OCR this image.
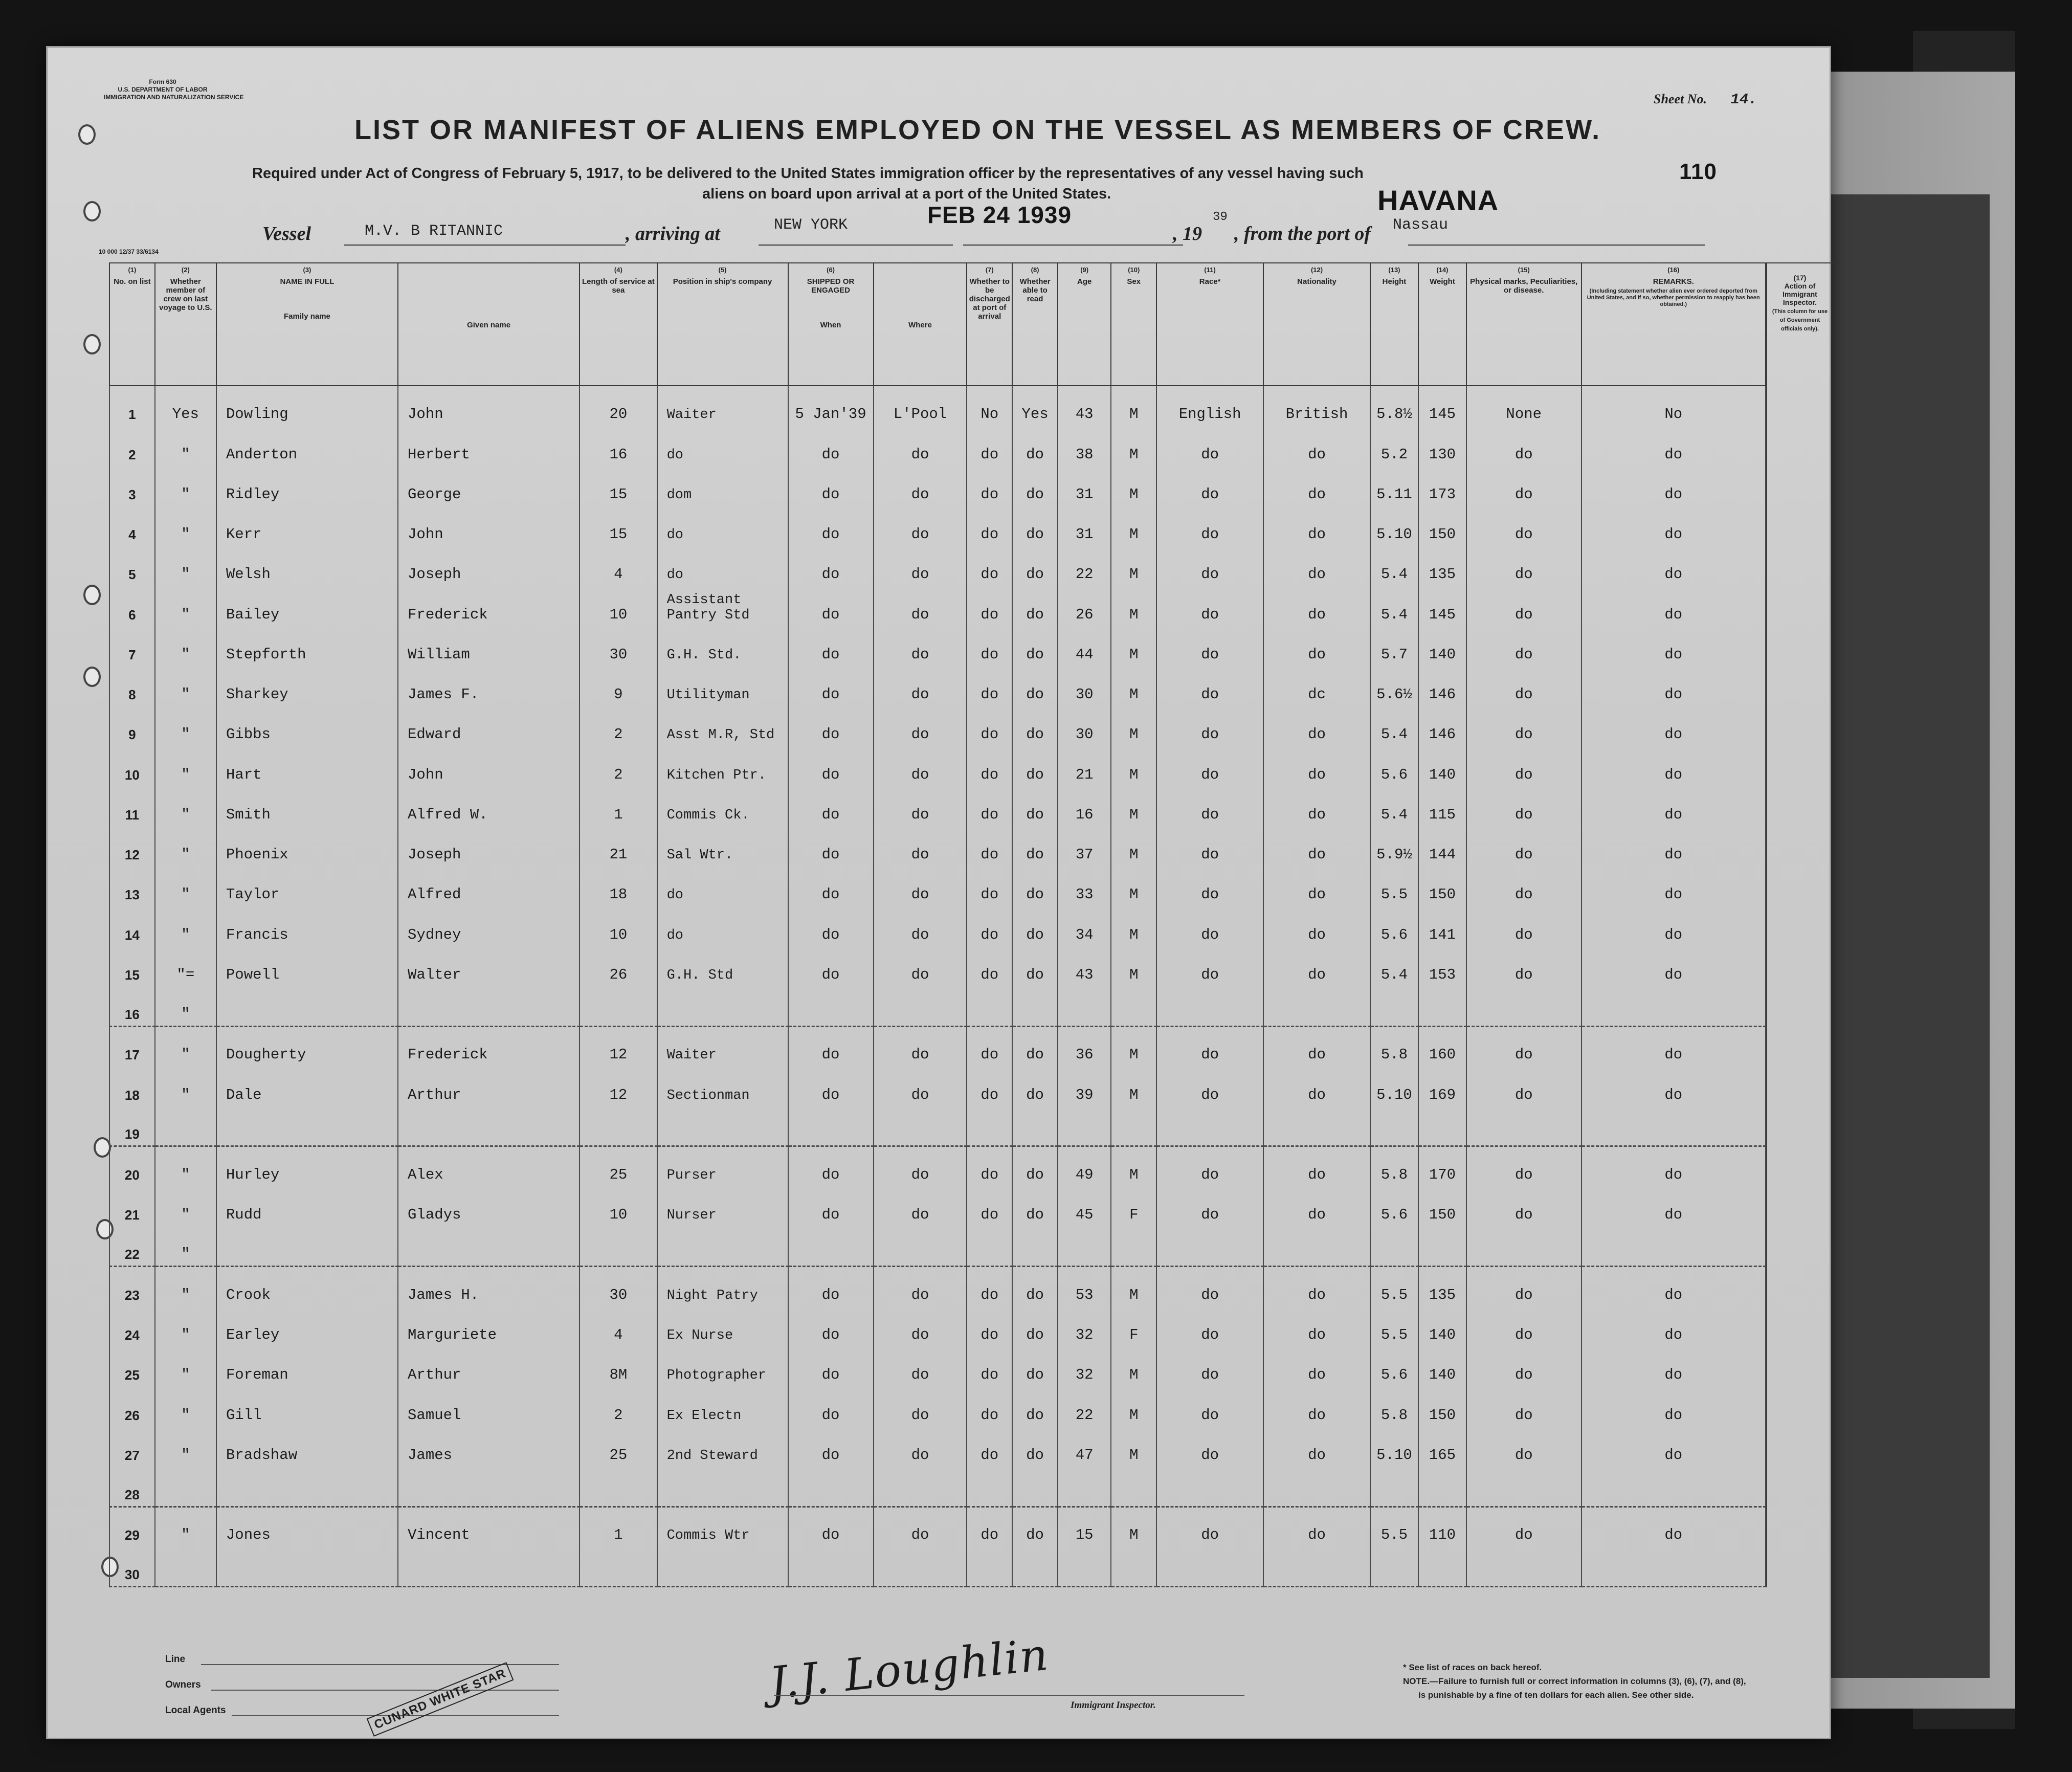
Form 630
U.S. DEPARTMENT OF LABOR
IMMIGRATION AND NATURALIZATION SERVICE	Sheet No. 14.
LIST OR MANIFEST OF ALIENS EMPLOYED ON THE VESSEL AS MEMBERS OF CREW.
Required under Act of Congress of February 5, 1917, to be delivered to the United States immigration officer by the representatives of any vessel having such
aliens on board upon arrival at a port of the United States.
110
HAVANA
10 000 12/37 33/6134
Vessel	M.V. B RITANNIC	, arriving at	NEW YORK	FEB 24 1939
, 19
39
, from the port of Nassau
(1)
No. on list	(2)
Whether member of crew on last voyage to U.S.	(3)
NAME IN FULL

Family name	Given name	(4)
Length of service at sea	(5)
Position in ship's company	(6)
SHIPPED OR ENGAGED

When	Where	(7)
Whether to be discharged at port of arrival	(8)
Whether able to read	(9)
Age	(10)
Sex	(11)
Race*	(12)
Nationality	(13)
Height	(14)
Weight	(15)
Physical marks, Peculiarities, or disease.	(16)
REMARKS.

(Including statement whether alien ever ordered deported from United States, and if so, whether permission to reapply has been obtained.)

1	Yes	Dowling	John	20	Waiter	5 Jan'39	L'Pool	No	Yes	43	M	English	British	5.8½	145	None	No
2	"	Anderton	Herbert	16	do	do	do	do	do	38	M	do	do	5.2	130	do	do
3	"	Ridley	George	15	dom	do	do	do	do	31	M	do	do	5.11	173	do	do
4	"	Kerr	John	15	do	do	do	do	do	31	M	do	do	5.10	150	do	do
5	"	Welsh	Joseph	4	do	do	do	do	do	22	M	do	do	5.4	135	do	do
6	"	Bailey	Frederick	10	Assistant Pantry Std	do	do	do	do	26	M	do	do	5.4	145	do	do
7	"	Stepforth	William	30	G.H. Std.	do	do	do	do	44	M	do	do	5.7	140	do	do
8	"	Sharkey	James F.	9	Utilityman	do	do	do	do	30	M	do	dc	5.6½	146	do	do
9	"	Gibbs	Edward	2	Asst M.R, Std	do	do	do	do	30	M	do	do	5.4	146	do	do
10	"	Hart	John	2	Kitchen Ptr.	do	do	do	do	21	M	do	do	5.6	140	do	do
11	"	Smith	Alfred W.	1	Commis Ck.	do	do	do	do	16	M	do	do	5.4	115	do	do
12	"	Phoenix	Joseph	21	Sal Wtr.	do	do	do	do	37	M	do	do	5.9½	144	do	do
13	"	Taylor	Alfred	18	do	do	do	do	do	33	M	do	do	5.5	150	do	do
14	"	Francis	Sydney	10	do	do	do	do	do	34	M	do	do	5.6	141	do	do
15	"=	Powell	Walter	26	G.H. Std	do	do	do	do	43	M	do	do	5.4	153	do	do
16	"																
17	"	Dougherty	Frederick	12	Waiter	do	do	do	do	36	M	do	do	5.8	160	do	do
18	"	Dale	Arthur	12	Sectionman	do	do	do	do	39	M	do	do	5.10	169	do	do
19																	
20	"	Hurley	Alex	25	Purser	do	do	do	do	49	M	do	do	5.8	170	do	do
21	"	Rudd	Gladys	10	Nurser	do	do	do	do	45	F	do	do	5.6	150	do	do
22	"																
23	"	Crook	James H.	30	Night Patry	do	do	do	do	53	M	do	do	5.5	135	do	do
24	"	Earley	Marguriete	4	Ex Nurse	do	do	do	do	32	F	do	do	5.5	140	do	do
25	"	Foreman	Arthur	8M	Photographer	do	do	do	do	32	M	do	do	5.6	140	do	do
26	"	Gill	Samuel	2	Ex Electn	do	do	do	do	22	M	do	do	5.8	150	do	do
27	"	Bradshaw	James	25	2nd Steward	do	do	do	do	47	M	do	do	5.10	165	do	do
28																	
29	"	Jones	Vincent	1	Commis Wtr	do	do	do	do	15	M	do	do	5.5	110	do	do
30																	
(17)
Action of Immigrant Inspector.
(This column for use of Government officials only).
Line
Owners
Local Agents	CUNARD WHITE STAR	J.J. Loughlin Immigrant Inspector.
* See list of races on back hereof.
NOTE.—Failure to furnish full or correct information in columns (3), (6), (7), and (8),
is punishable by a fine of ten dollars for each alien. See other side.
